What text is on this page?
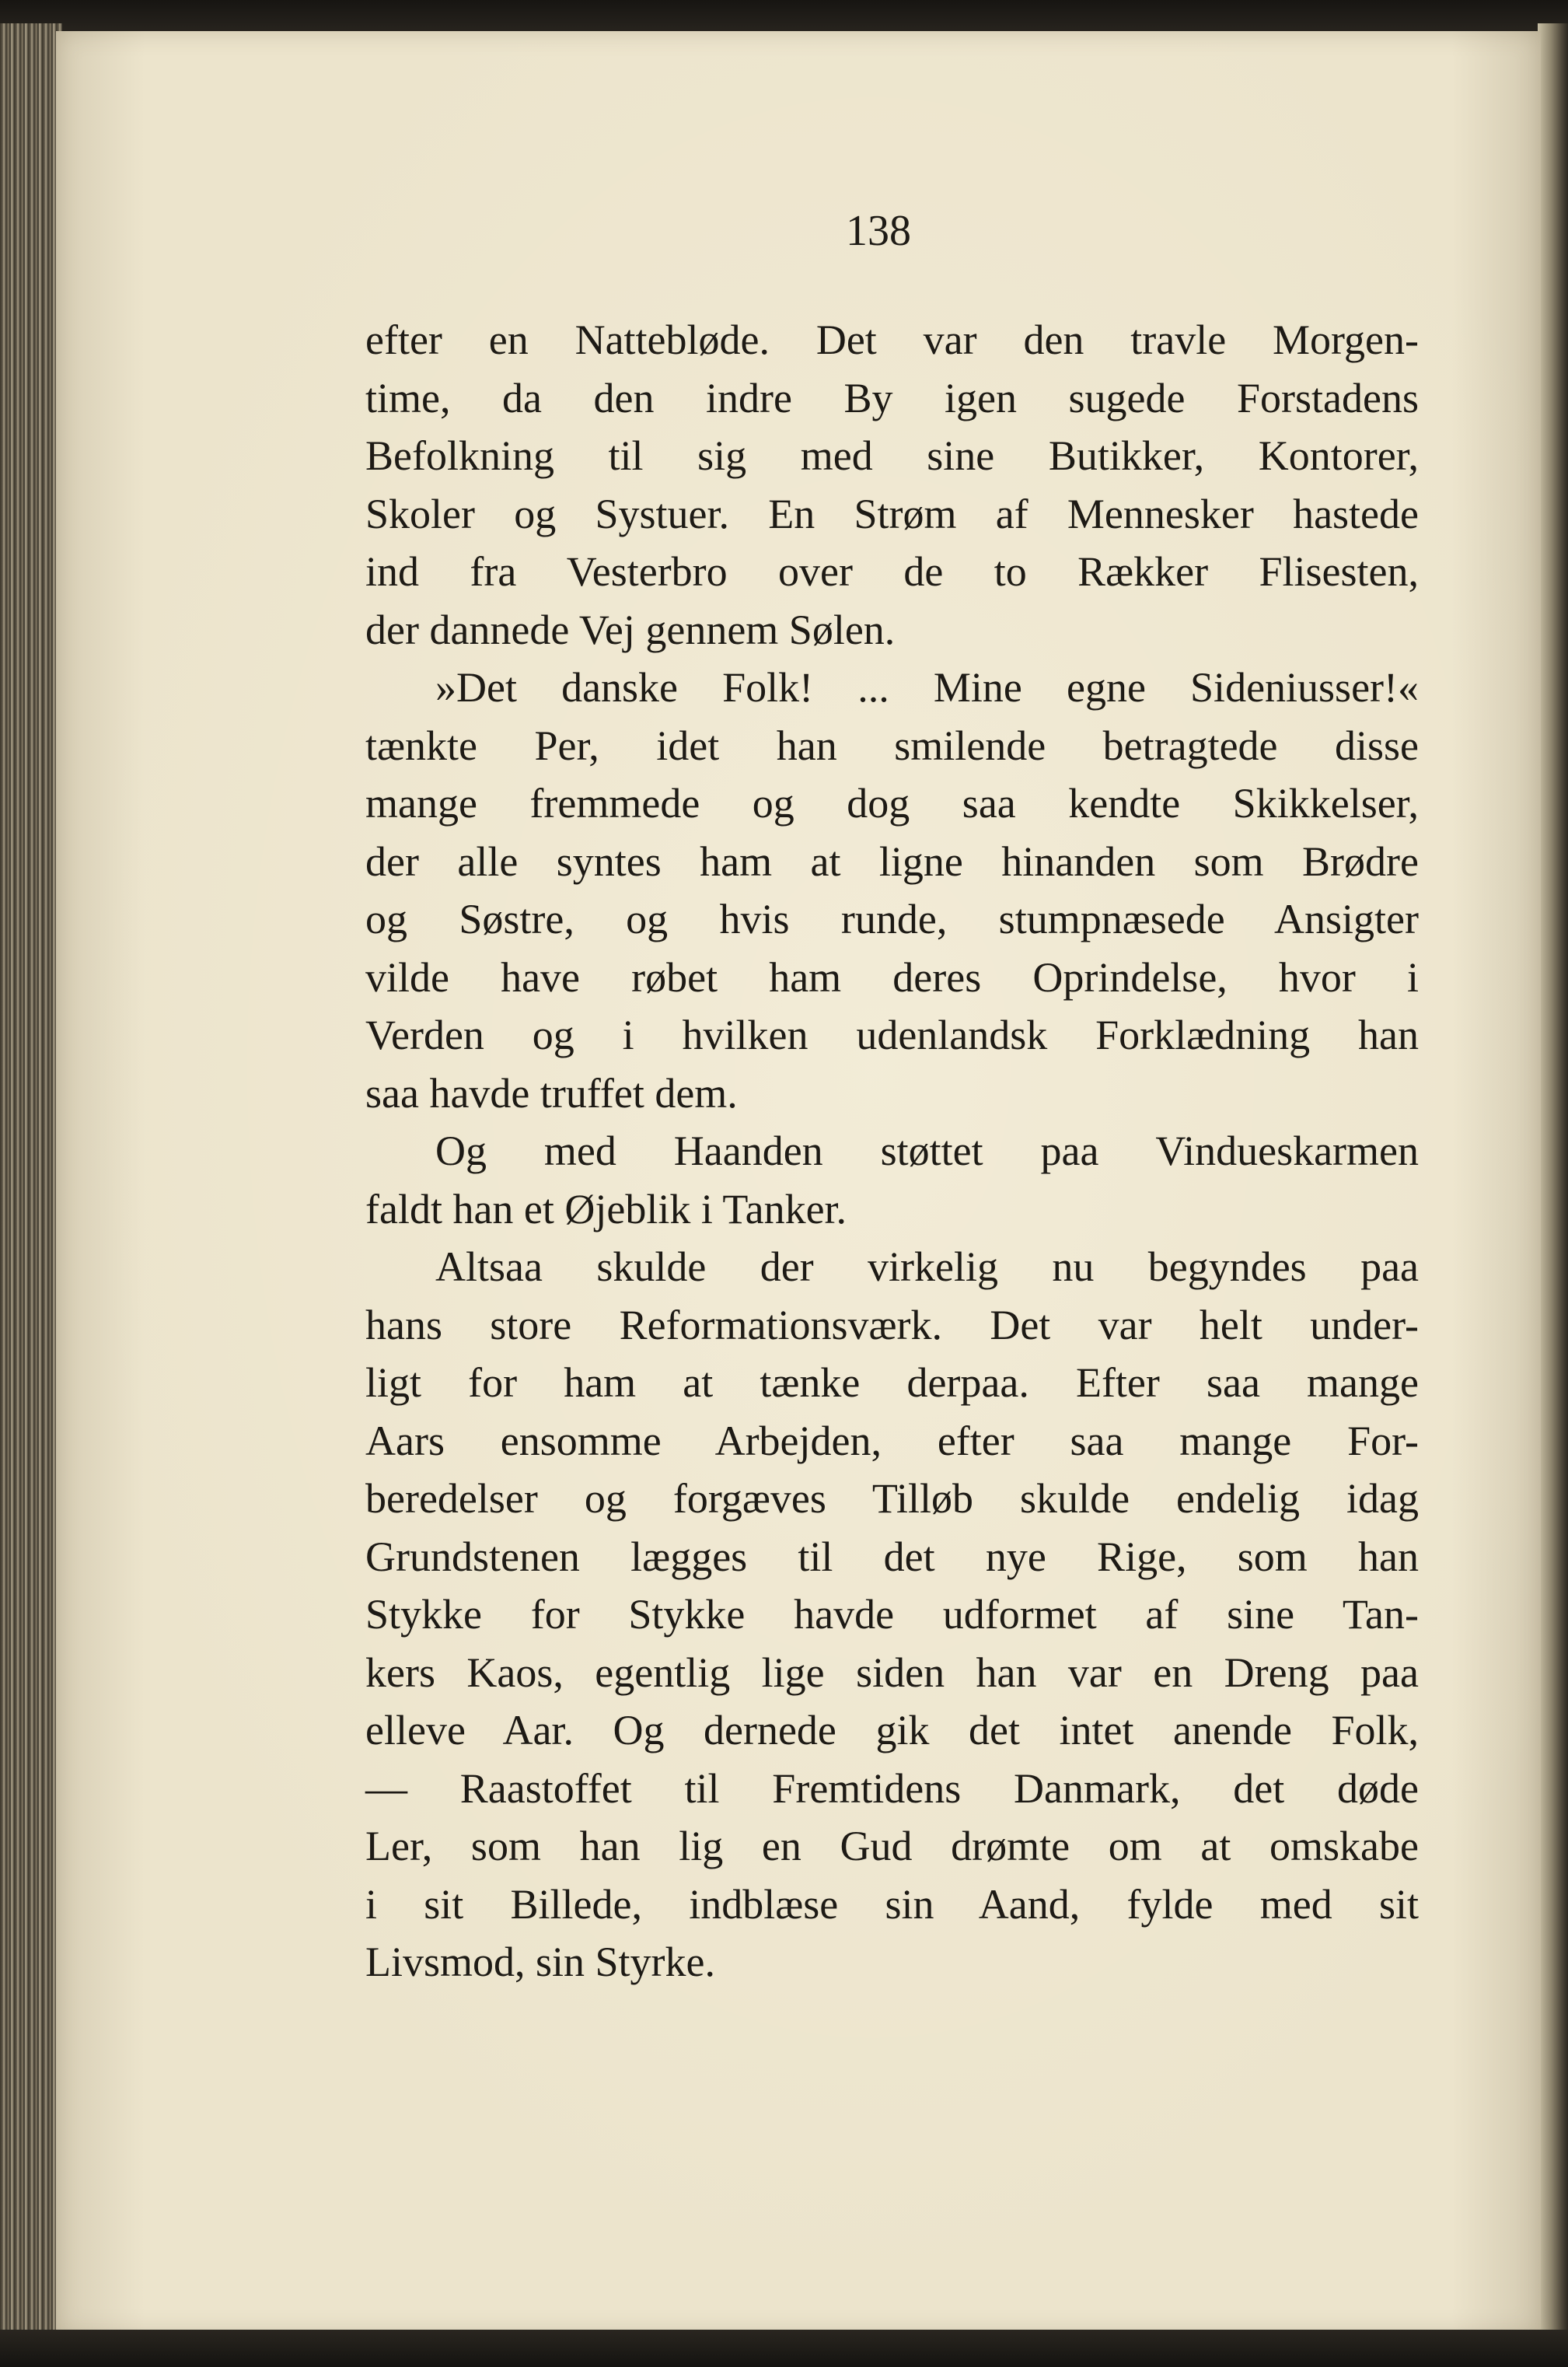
138
efter en Nattebløde. Det var den travle Morgen-
time, da den indre By igen sugede Forstadens
Befolkning til sig med sine Butikker, Kontorer,
Skoler og Systuer. En Strøm af Mennesker hastede
ind fra Vesterbro over de to Rækker Flisesten,
der dannede Vej gennem Sølen.
»Det danske Folk! ... Mine egne Sideniusser!«
tænkte Per, idet han smilende betragtede disse
mange fremmede og dog saa kendte Skikkelser,
der alle syntes ham at ligne hinanden som Brødre
og Søstre, og hvis runde, stumpnæsede Ansigter
vilde have røbet ham deres Oprindelse, hvor i
Verden og i hvilken udenlandsk Forklædning han
saa havde truffet dem.
Og med Haanden støttet paa Vindueskarmen
faldt han et Øjeblik i Tanker.
Altsaa skulde der virkelig nu begyndes paa
hans store Reformationsværk. Det var helt under-
ligt for ham at tænke derpaa. Efter saa mange
Aars ensomme Arbejden, efter saa mange For-
beredelser og forgæves Tilløb skulde endelig idag
Grundstenen lægges til det nye Rige, som han
Stykke for Stykke havde udformet af sine Tan-
kers Kaos, egentlig lige siden han var en Dreng paa
elleve Aar. Og dernede gik det intet anende Folk,
— Raastoffet til Fremtidens Danmark, det døde
Ler, som han lig en Gud drømte om at omskabe
i sit Billede, indblæse sin Aand, fylde med sit
Livsmod, sin Styrke.
